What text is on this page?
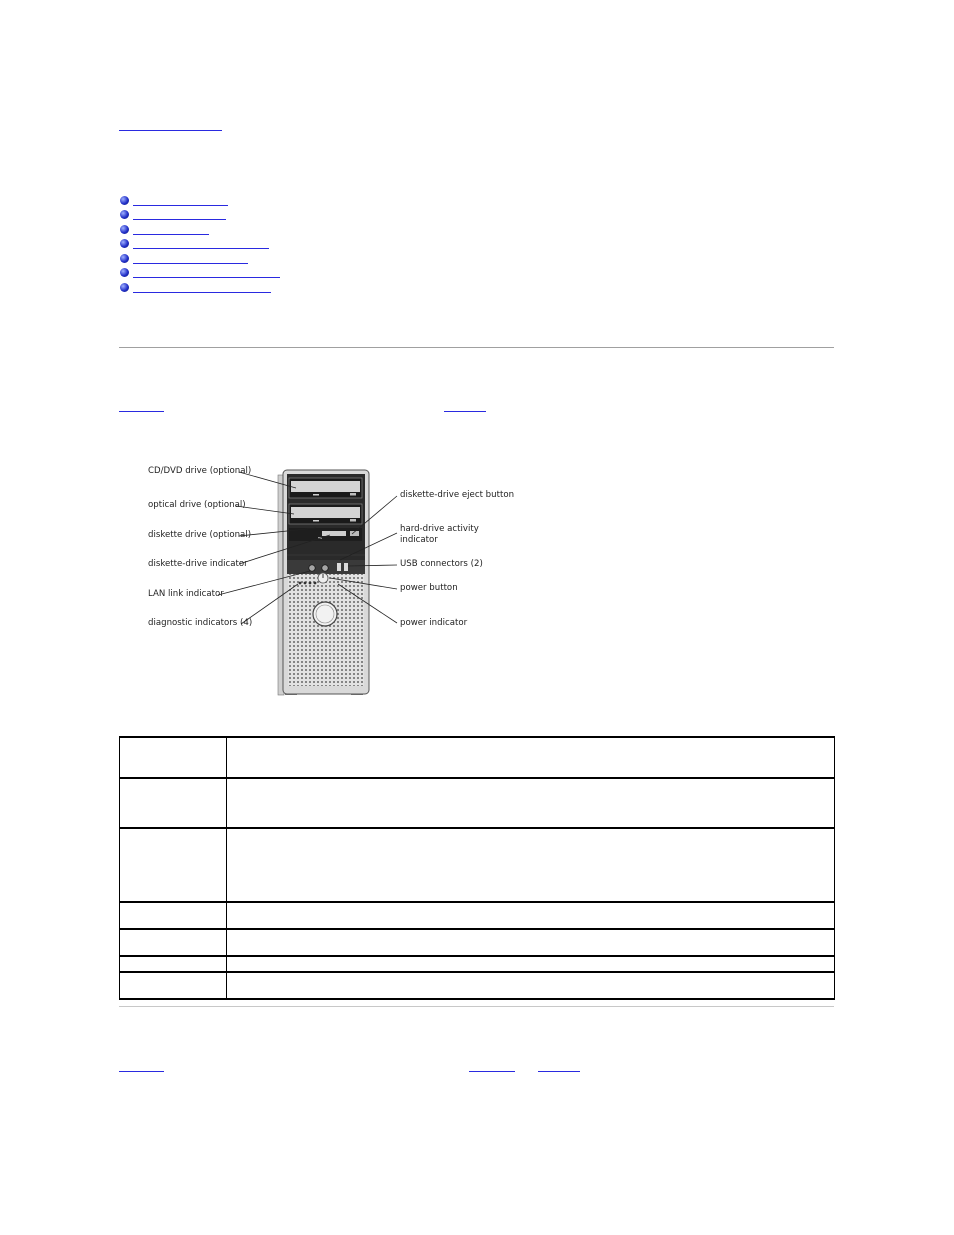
CD/DVD drive (optional)
optical drive (optional)
diskette drive (optional)
diskette-drive indicator
LAN link indicator
diagnostic indicators (4)
diskette-drive eject button
hard-drive activity
indicator
USB connectors (2)
power button
power indicator
